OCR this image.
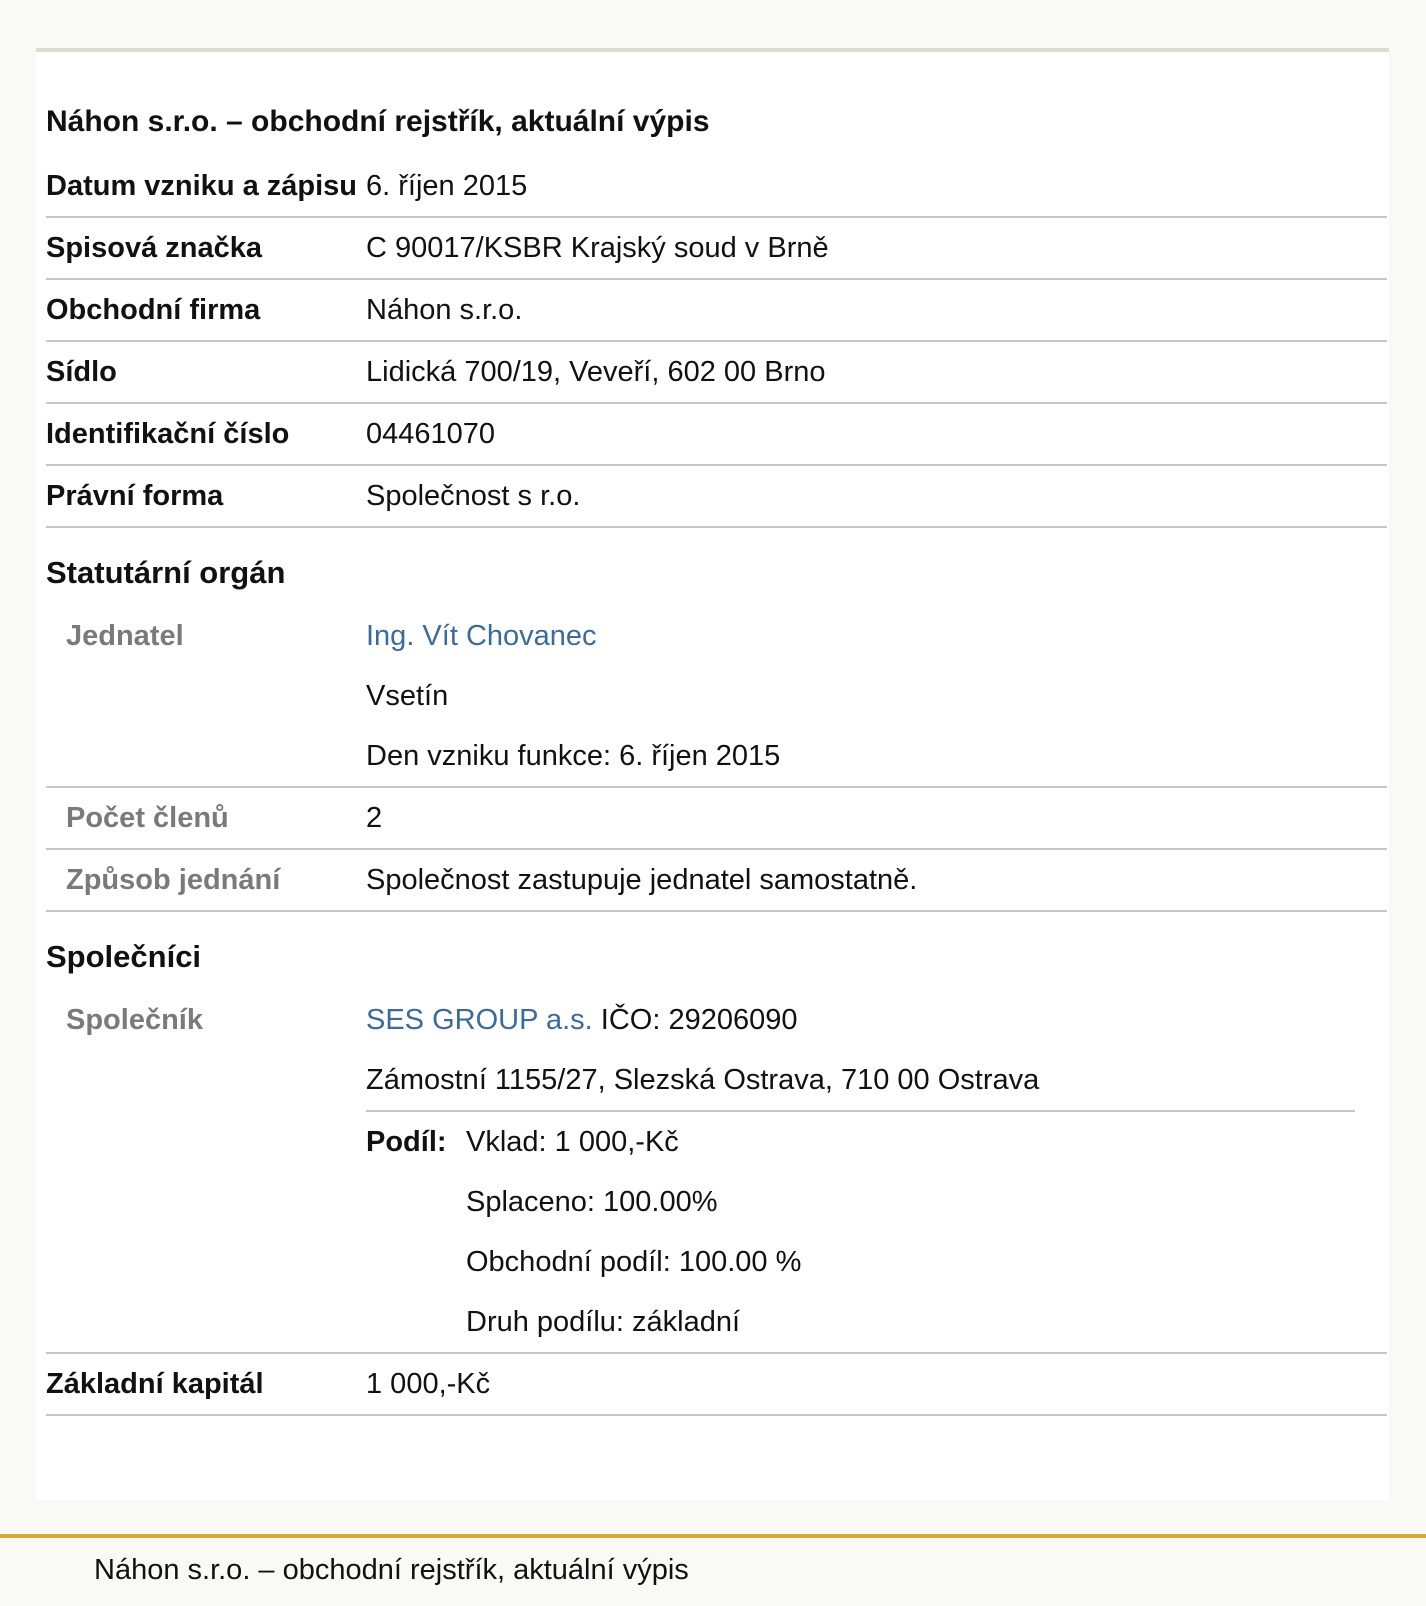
Náhon s.r.o. – obchodní rejstřík, aktuální výpis
Datum vzniku a zápisu 6. říjen 2015
Spisová značka	C 90017/KSBR Krajský soud v Brně
Obchodní firma	Náhon s.r.o.
Sídlo	Lidická 700/19, Veveří, 602 00 Brno
Identifikační číslo	04461070
Právní forma	Společnost s r.o.
Statutární orgán
Jednatel	Ing. Vít Chovanec
Vsetín
Den vzniku funkce: 6. říjen 2015
Počet členů	2
Způsob jednání	Společnost zastupuje jednatel samostatně.
Společníci
Společník	SES GROUP a.s. IČO: 29206090
Zámostní 1155/27, Slezská Ostrava, 710 00 Ostrava
Podíl: Vklad: 1 000,-Kč
Splaceno: 100.00%
Obchodní podíl: 100.00 %
Druh podílu: základní
Základní kapitál	1 000,-Kč
Náhon s.r.o. – obchodní rejstřík, aktuální výpis
